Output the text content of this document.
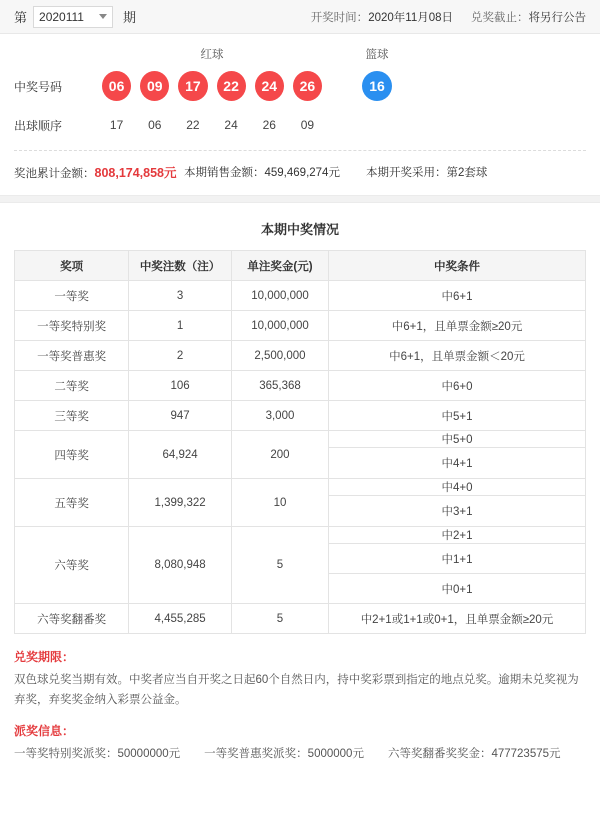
第 2020111	期	开奖时间：2020年11月08日 兑奖截止：将另行公告
红球	篮球
中奖号码	06	09	17	22	24	26	16
出球顺序	17	06	22	24	26	09
奖池累计金额：808,174,858元 本期销售金额：459,469,274元 本期开奖采用：第2套球
本期中奖情况
奖项	中奖注数（注）	单注奖金(元)	中奖条件
一等奖	3	10,000,000	中6+1
一等奖特别奖	1	10,000,000	中6+1，且单票金额≥20元
一等奖普惠奖	2	2,500,000	中6+1，且单票金额＜20元
二等奖	106	365,368	中6+0
三等奖	947	3,000	中5+1
四等奖	64,924	200	中5+0
			中4+1
五等奖	1,399,322	10	中4+0
			中3+1
六等奖	8,080,948	5	中2+1
			中1+1
			中0+1
六等奖翻番奖	4,455,285	5	中2+1或1+1或0+1，且单票金额≥20元
兑奖期限：

双色球兑奖当期有效。中奖者应当自开奖之日起60个自然日内，持中奖彩票到指定的地点兑奖。逾期未兑奖视为弃奖，弃奖奖金纳入彩票公益金。

派奖信息：
一等奖特别奖派奖：50000000元 一等奖普惠奖派奖：5000000元 六等奖翻番奖奖金：477723575元
